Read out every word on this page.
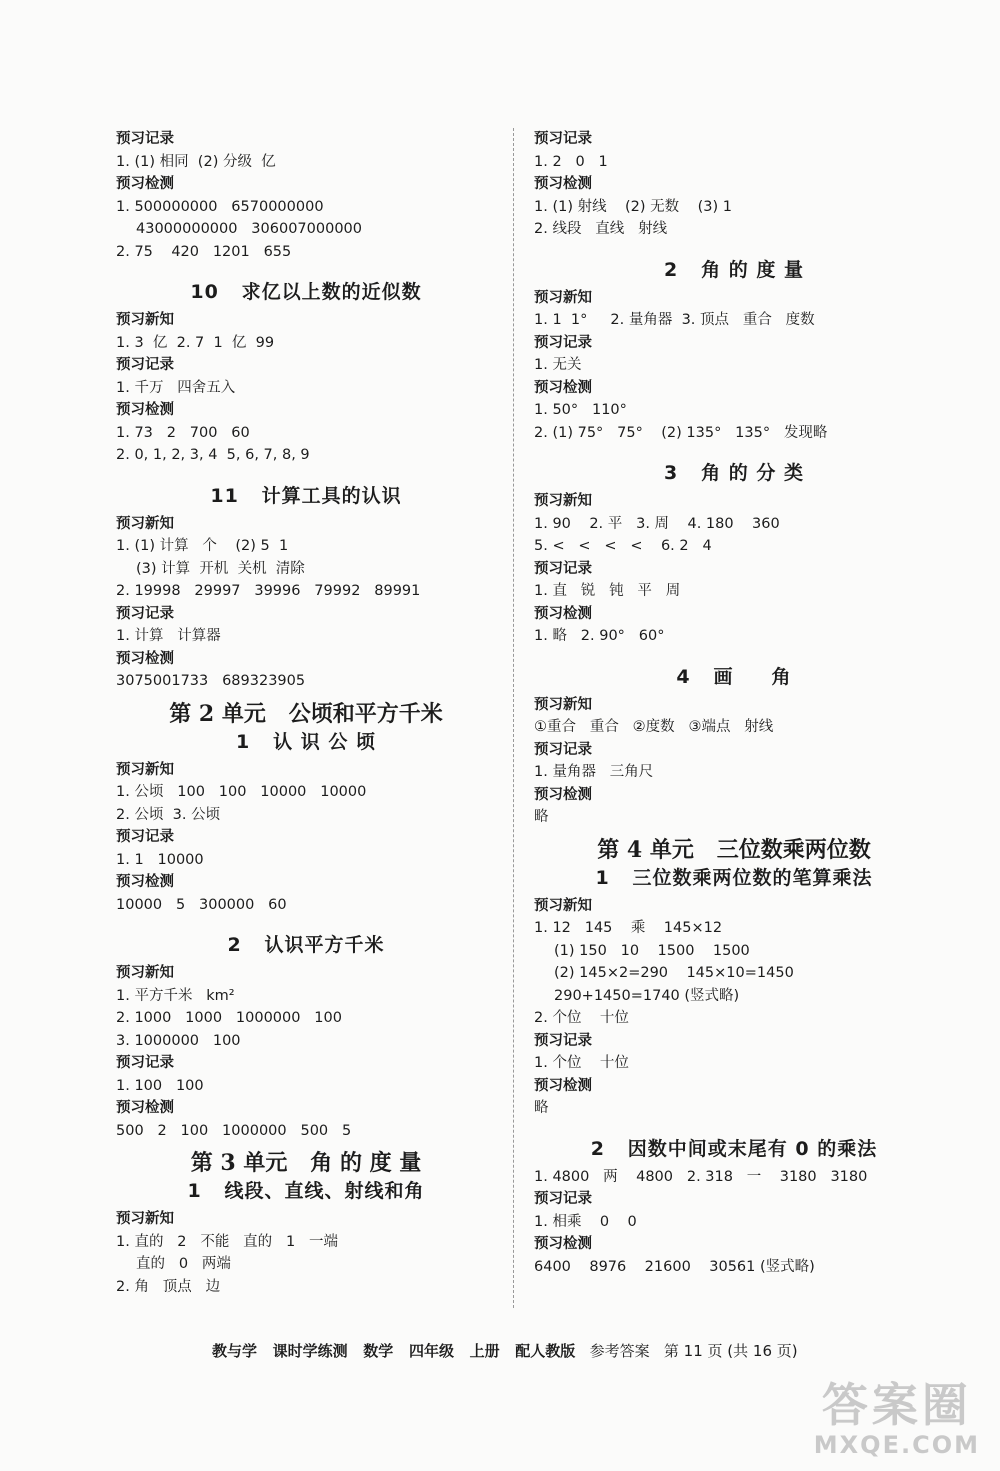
预习记录
1. (1) 相同  (2) 分级  亿
预习检测
1. 500000000   6570000000
43000000000   306007000000
2. 75    420   1201   655
10   求亿以上数的近似数
预习新知
1. 3  亿  2. 7  1  亿  99
预习记录
1. 千万   四舍五入
预习检测
1. 73   2   700   60
2. 0, 1, 2, 3, 4  5, 6, 7, 8, 9
11   计算工具的认识
预习新知
1. (1) 计算   个    (2) 5  1
(3) 计算  开机  关机  清除
2. 19998   29997   39996   79992   89991
预习记录
1. 计算   计算器
预习检测
3075001733   689323905
第 2 单元   公顷和平方千米
1   认 识 公 顷
预习新知
1. 公顷   100   100   10000   10000
2. 公顷  3. 公顷
预习记录
1. 1   10000
预习检测
10000   5   300000   60
2   认识平方千米
预习新知
1. 平方千米   km²
2. 1000   1000   1000000   100
3. 1000000   100
预习记录
1. 100   100
预习检测
500   2   100   1000000   500   5
第 3 单元   角 的 度 量
1   线段、直线、射线和角
预习新知
1. 直的   2   不能   直的   1   一端
直的   0   两端
2. 角   顶点   边
预习记录
1. 2   0   1
预习检测
1. (1) 射线    (2) 无数    (3) 1
2. 线段   直线   射线
2   角 的 度 量
预习新知
1. 1  1°     2. 量角器  3. 顶点   重合   度数
预习记录
1. 无关
预习检测
1. 50°   110°
2. (1) 75°   75°    (2) 135°   135°   发现略
3   角 的 分 类
预习新知
1. 90    2. 平   3. 周    4. 180    360
5. <   <   <   <    6. 2   4
预习记录
1. 直   锐   钝   平   周
预习检测
1. 略   2. 90°   60°
4   画     角
预习新知
①重合   重合   ②度数   ③端点   射线
预习记录
1. 量角器   三角尺
预习检测
略
第 4 单元   三位数乘两位数
1   三位数乘两位数的笔算乘法
预习新知
1. 12   145    乘    145×12
(1) 150   10    1500    1500
(2) 145×2=290    145×10=1450
290+1450=1740 (竖式略)
2. 个位    十位
预习记录
1. 个位    十位
预习检测
略
2   因数中间或末尾有 0 的乘法
1. 4800   两    4800   2. 318   一    3180   3180
预习记录
1. 相乘    0    0
预习检测
6400    8976    21600    30561 (竖式略)

教与学   课时学练测   数学   四年级   上册   配人教版   参考答案   第 11 页 (共 16 页)

答案圈
MXQE.COM
